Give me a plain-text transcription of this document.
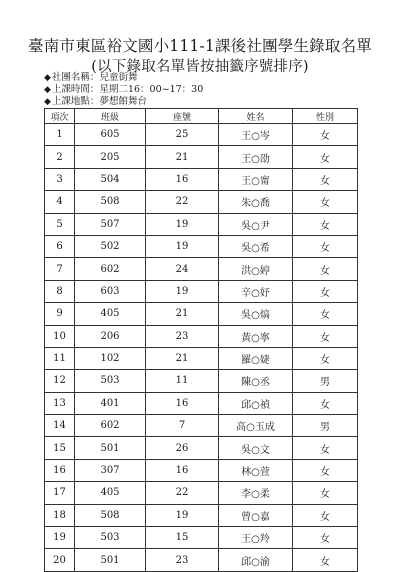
臺南市東區裕文國小111-1課後社團學生錄取名單
(以下錄取名單皆按抽籤序號排序)
◆社團名稱：兒童街舞
◆上課時間：星期二16：00~17：30
◆上課地點：夢想館舞台
項次	班級	座號	姓名	性別
1	605	25	王○岑	女
2	205	21	王○劭	女
3	504	16	王○甯	女
4	508	22	朱○喬	女
5	507	19	吳○尹	女
6	502	19	吳○希	女
7	602	24	洪○婷	女
8	603	19	辛○妤	女
9	405	21	吳○熇	女
10	206	23	黃○寧	女
11	102	21	羅○婕	女
12	503	11	陳○丞	男
13	401	16	邱○禎	女
14	602	7	高○玉成	男
15	501	26	吳○文	女
16	307	16	林○萱	女
17	405	22	李○柔	女
18	508	19	曾○嘉	女
19	503	15	王○羚	女
20	501	23	邱○渝	女
